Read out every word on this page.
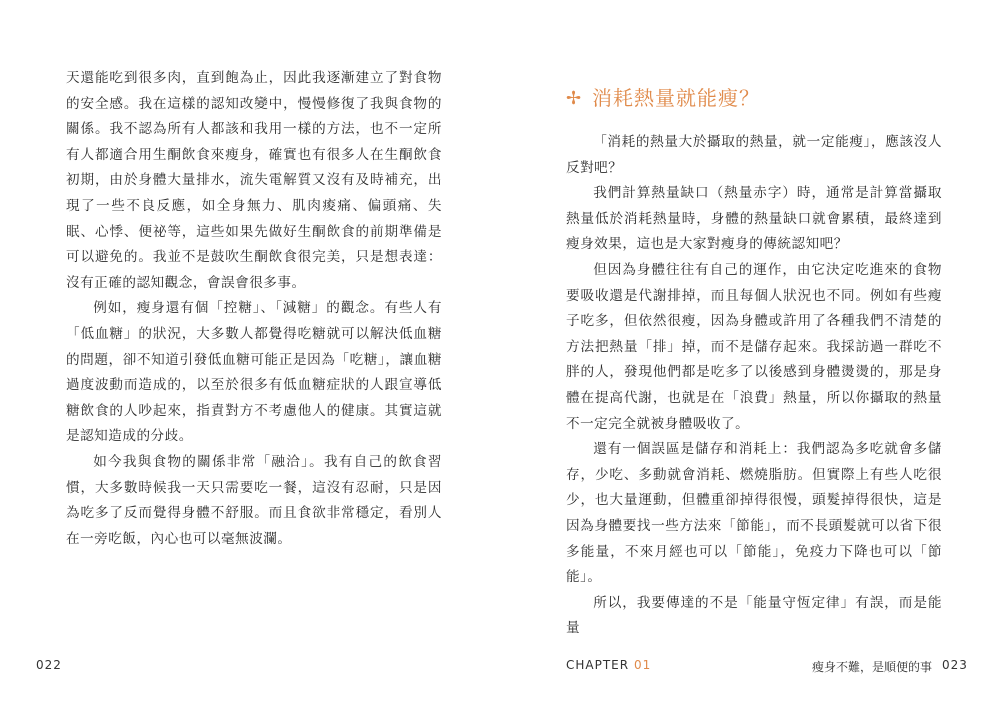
天還能吃到很多肉，直到飽為止，因此我逐漸建立了對食物的安全感。我在這樣的認知改變中，慢慢修復了我與食物的關係。我不認為所有人都該和我用一樣的方法，也不一定所有人都適合用生酮飲食來瘦身，確實也有很多人在生酮飲食初期，由於身體大量排水，流失電解質又沒有及時補充，出現了一些不良反應，如全身無力、肌肉痠痛、偏頭痛、失眠、心悸、便祕等，這些如果先做好生酮飲食的前期準備是可以避免的。我並不是鼓吹生酮飲食很完美，只是想表達：沒有正確的認知觀念，會誤會很多事。

例如，瘦身還有個「控糖」、「減糖」的觀念。有些人有「低血糖」的狀況，大多數人都覺得吃糖就可以解決低血糖的問題，卻不知道引發低血糖可能正是因為「吃糖」，讓血糖過度波動而造成的，以至於很多有低血糖症狀的人跟宣導低糖飲食的人吵起來，指責對方不考慮他人的健康。其實這就是認知造成的分歧。

如今我與食物的關係非常「融洽」。我有自己的飲食習慣，大多數時候我一天只需要吃一餐，這沒有忍耐，只是因為吃多了反而覺得身體不舒服。而且食欲非常穩定，看別人在一旁吃飯，內心也可以毫無波瀾。

✢ 消耗熱量就能瘦？

「消耗的熱量大於攝取的熱量，就一定能瘦」，應該沒人反對吧？

我們計算熱量缺口（熱量赤字）時，通常是計算當攝取熱量低於消耗熱量時，身體的熱量缺口就會累積，最終達到瘦身效果，這也是大家對瘦身的傳統認知吧？

但因為身體往往有自己的運作，由它決定吃進來的食物要吸收還是代謝排掉，而且每個人狀況也不同。例如有些瘦子吃多，但依然很瘦，因為身體或許用了各種我們不清楚的方法把熱量「排」掉，而不是儲存起來。我採訪過一群吃不胖的人，發現他們都是吃多了以後感到身體燙燙的，那是身體在提高代謝，也就是在「浪費」熱量，所以你攝取的熱量不一定完全就被身體吸收了。

還有一個誤區是儲存和消耗上：我們認為多吃就會多儲存，少吃、多動就會消耗、燃燒脂肪。但實際上有些人吃很少，也大量運動，但體重卻掉得很慢，頭髮掉得很快，這是因為身體要找一些方法來「節能」，而不長頭髮就可以省下很多能量，不來月經也可以「節能」，免疫力下降也可以「節能」。

所以，我要傳達的不是「能量守恆定律」有誤，而是能量

022	CHAPTER 01	瘦身不難，是順便的事 023
